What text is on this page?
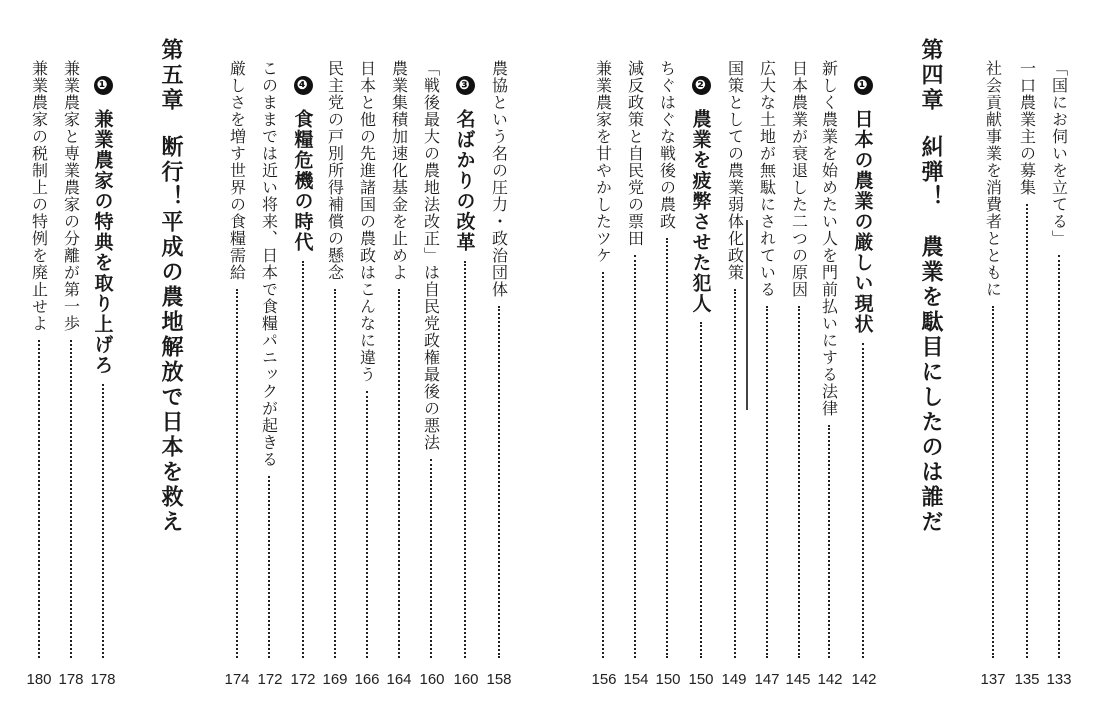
「国にお伺いを立てる」
133
一口農業主の募集
135
社会貢献事業を消費者とともに
137
第四章糾弾！　農業を駄目にしたのは誰だ
❶
日本の農業の厳しい現状
142
新しく農業を始めたい人を門前払いにする法律
142
日本農業が衰退した二つの原因
145
広大な土地が無駄にされている
147
国策としての農業弱体化政策
149
❷
農業を疲弊させた犯人
150
ちぐはぐな戦後の農政
150
減反政策と自民党の票田
154
兼業農家を甘やかしたツケ
156
農協という名の圧力・政治団体
158
❸
名ばかりの改革
160
「戦後最大の農地法改正」は自民党政権最後の悪法
160
農業集積加速化基金を止めよ
164
日本と他の先進諸国の農政はこんなに違う
166
民主党の戸別所得補償の懸念
169
❹
食糧危機の時代
172
このままでは近い将来、日本で食糧パニックが起きる
172
厳しさを増す世界の食糧需給
174
第五章断行！平成の農地解放で日本を救え
❶
兼業農家の特典を取り上げろ
178
兼業農家と専業農家の分離が第一歩
178
兼業農家の税制上の特例を廃止せよ
180
